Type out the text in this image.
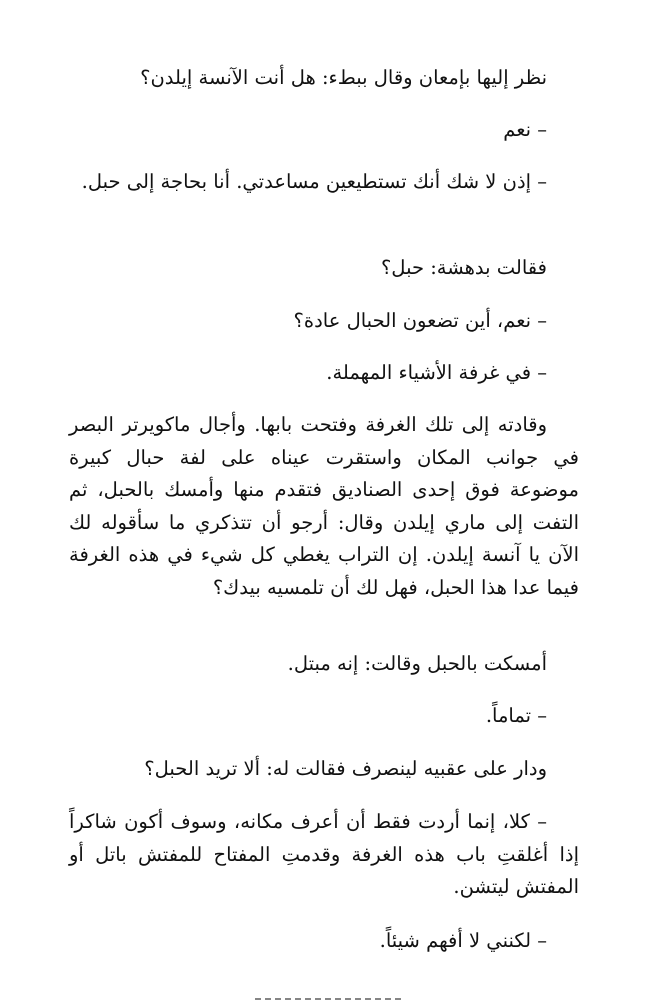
نظر إليها بإمعان وقال ببطء: هل أنت الآنسة إيلدن؟

– نعم

– إذن لا شك أنك تستطيعين مساعدتي. أنا بحاجة إلى حبل.

فقالت بدهشة: حبل؟

– نعم، أين تضعون الحبال عادة؟

– في غرفة الأشياء المهملة.

وقادته إلى تلك الغرفة وفتحت بابها. وأجال ماكويرتر البصر في جوانب المكان واستقرت عيناه على لفة حبال كبيرة موضوعة فوق إحدى الصناديق فتقدم منها وأمسك بالحبل، ثم التفت إلى ماري إيلدن وقال: أرجو أن تتذكري ما سأقوله لك الآن يا آنسة إيلدن. إن التراب يغطي كل شيء في هذه الغرفة فيما عدا هذا الحبل، فهل لك أن تلمسيه بيدك؟

أمسكت بالحبل وقالت: إنه مبتل.

– تماماً.

ودار على عقبيه لينصرف فقالت له: ألا تريد الحبل؟

– كلا، إنما أردت فقط أن أعرف مكانه، وسوف أكون شاكراً إذا أغلقتِ باب هذه الغرفة وقدمتِ المفتاح للمفتش باتل أو المفتش ليتشن.

– لكنني لا أفهم شيئاً.
